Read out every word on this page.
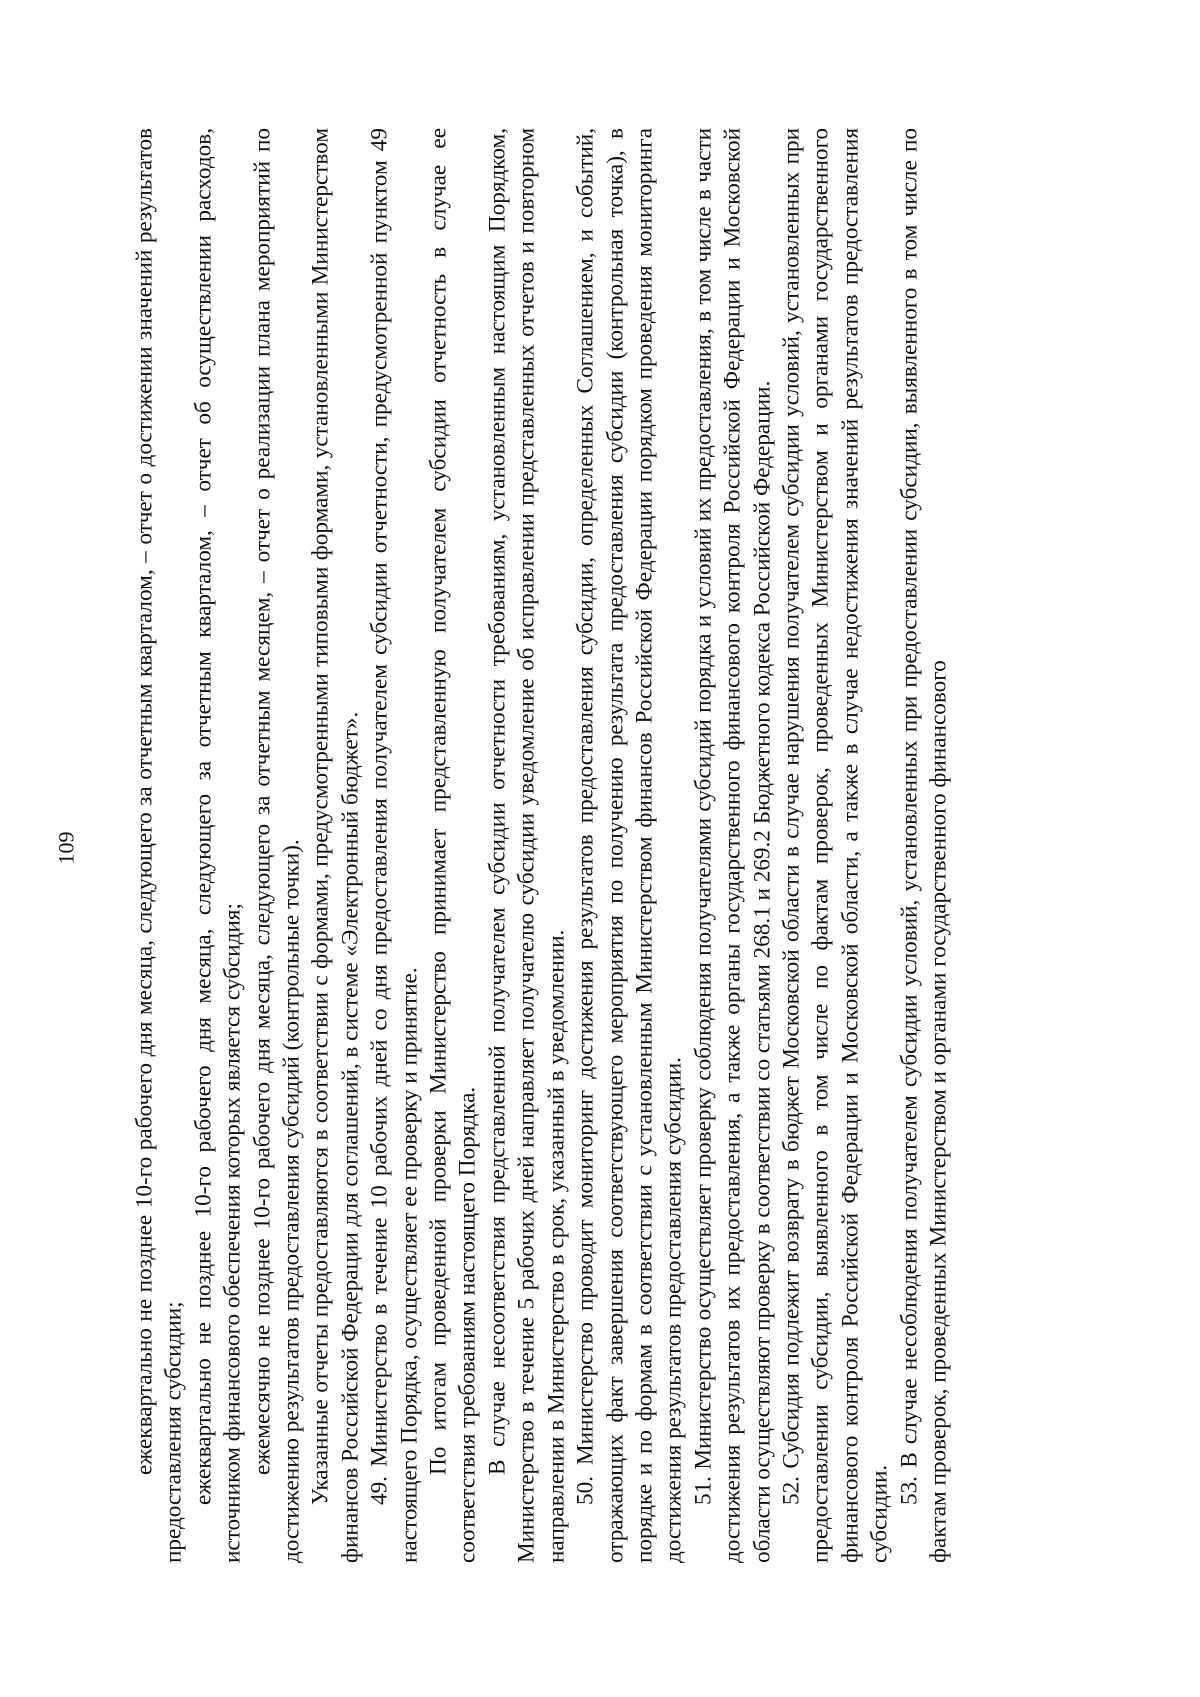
109 ежеквартально не позднее 10-го рабочего дня месяца, следующего за отчетным кварталом, – отчет о достижении значений результатов предоставления субсидии; ежеквартально не позднее 10-го рабочего дня месяца, следующего за отчетным кварталом, – отчет об осуществлении расходов, источником финансового обеспечения которых является субсидия; ежемесячно не позднее 10-го рабочего дня месяца, следующего за отчетным месяцем, – отчет о реализации плана мероприятий по достижению результатов предоставления субсидий (контрольные точки). Указанные отчеты предоставляются в соответствии с формами, предусмотренными типовыми формами, установленными Министерством финансов Российской Федерации для соглашений, в системе «Электронный бюджет». 49. Министерство в течение 10 рабочих дней со дня предоставления получателем субсидии отчетности, предусмотренной пунктом 49 настоящего Порядка, осуществляет ее проверку и принятие. По итогам проведенной проверки Министерство принимает представленную получателем субсидии отчетность в случае ее соответствия требованиям настоящего Порядка. В случае несоответствия представленной получателем субсидии отчетности требованиям, установленным настоящим Порядком, Министерство в течение 5 рабочих дней направляет получателю субсидии уведомление об исправлении представленных отчетов и повторном направлении в Министерство в срок, указанный в уведомлении. 50. Министерство проводит мониторинг достижения результатов предоставления субсидии, определенных Соглашением, и событий, отражающих факт завершения соответствующего мероприятия по получению результата предоставления субсидии (контрольная точка), в порядке и по формам в соответствии с установленным Министерством финансов Российской Федерации порядком проведения мониторинга достижения результатов предоставления субсидии. 51. Министерство осуществляет проверку соблюдения получателями субсидий порядка и условий их предоставления, в том числе в части достижения результатов их предоставления, а также органы государственного финансового контроля Российской Федерации и Московской области осуществляют проверку в соответствии со статьями 268.1 и 269.2 Бюджетного кодекса Российской Федерации. 52. Субсидия подлежит возврату в бюджет Московской области в случае нарушения получателем субсидии условий, установленных при предоставлении субсидии, выявленного в том числе по фактам проверок, проведенных Министерством и органами государственного финансового контроля Российской Федерации и Московской области, а также в случае недостижения значений результатов предоставления субсидии.

53. В случае несоблюдения получателем субсидии условий, установленных при предоставлении субсидии, выявленного в том числе по фактам проверок, проведенных Министерством и органами государственного финансового
